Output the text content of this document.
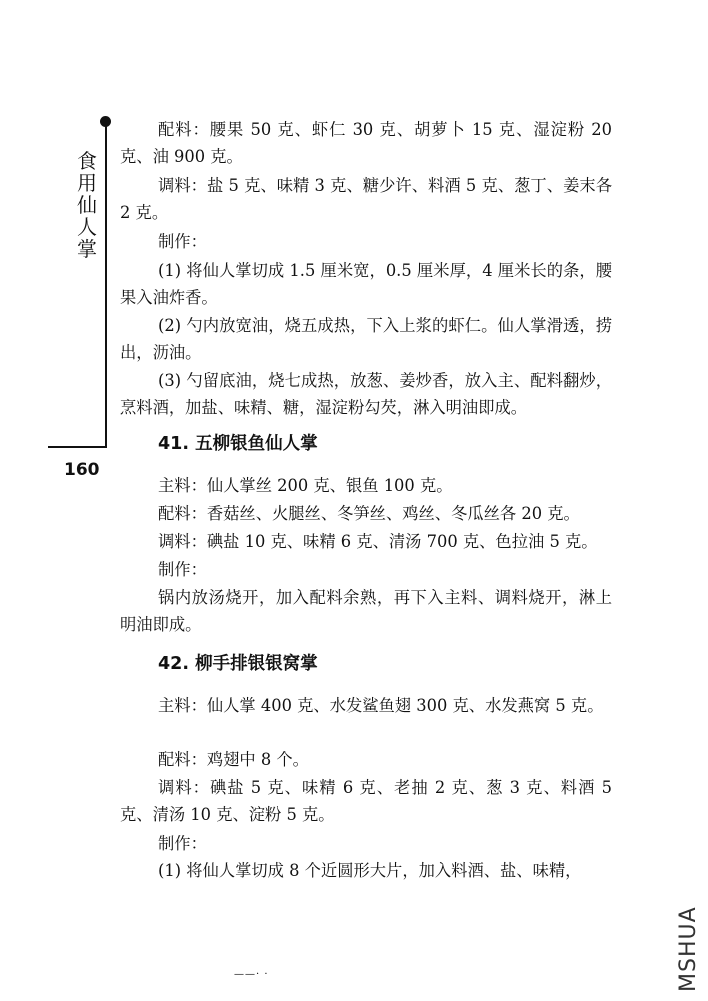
食用仙人掌
160

配料：腰果 50 克、虾仁 30 克、胡萝卜 15 克、湿淀粉 20 克、油 900 克。

调料：盐 5 克、味精 3 克、糖少许、料酒 5 克、葱丁、姜末各 2 克。

制作：

(1) 将仙人掌切成 1.5 厘米宽，0.5 厘米厚，4 厘米长的条，腰果入油炸香。

(2) 勺内放宽油，烧五成热，下入上浆的虾仁。仙人掌滑透，捞出，沥油。

(3) 勺留底油，烧七成热，放葱、姜炒香，放入主、配料翻炒，烹料酒，加盐、味精、糖，湿淀粉勾芡，淋入明油即成。

41. 五柳银鱼仙人掌

主料：仙人掌丝 200 克、银鱼 100 克。

配料：香菇丝、火腿丝、冬笋丝、鸡丝、冬瓜丝各 20 克。

调料：碘盐 10 克、味精 6 克、清汤 700 克、色拉油 5 克。

制作：

锅内放汤烧开，加入配料余熟，再下入主料、调料烧开，淋上明油即成。

42. 柳手排银银窝掌

主料：仙人掌 400 克、水发鲨鱼翅 300 克、水发燕窝 5 克。

配料：鸡翅中 8 个。

调料：碘盐 5 克、味精 6 克、老抽 2 克、葱 3 克、料酒 5 克、清汤 10 克、淀粉 5 克。

制作：

(1) 将仙人掌切成 8 个近圆形大片，加入料酒、盐、味精，

——· ·	MSHUA
